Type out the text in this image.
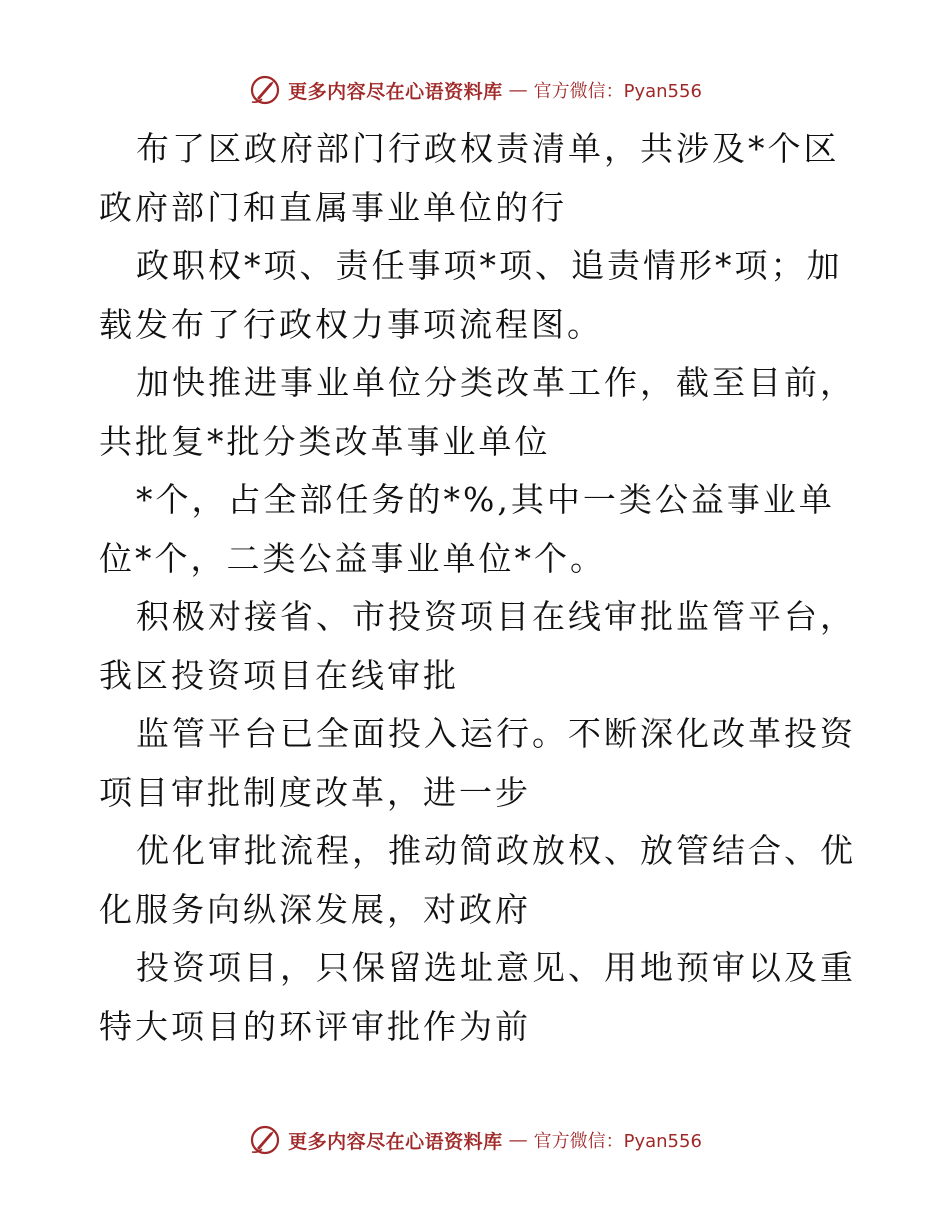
更多内容尽在心语资料库 — 官方微信：Pyan556

布了区政府部门行政权责清单，共涉及*个区政府部门和直属事业单位的行

政职权*项、责任事项*项、追责情形*项；加载发布了行政权力事项流程图。

加快推进事业单位分类改革工作，截至目前，共批复*批分类改革事业单位

*个，占全部任务的*%,其中一类公益事业单位*个，二类公益事业单位*个。

积极对接省、市投资项目在线审批监管平台，我区投资项目在线审批

监管平台已全面投入运行。不断深化改革投资项目审批制度改革，进一步

优化审批流程，推动简政放权、放管结合、优化服务向纵深发展，对政府

投资项目，只保留选址意见、用地预审以及重特大项目的环评审批作为前

更多内容尽在心语资料库 — 官方微信：Pyan556
